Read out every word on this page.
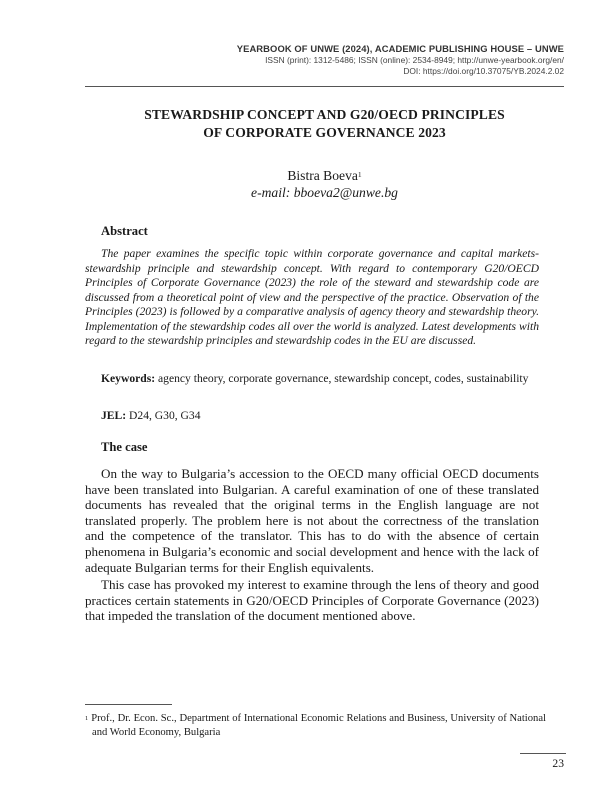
YEARBOOK OF UNWE (2024), ACADEMIC PUBLISHING HOUSE – UNWE
ISSN (print): 1312-5486; ISSN (online): 2534-8949; http://unwe-yearbook.org/en/
DOI: https://doi.org/10.37075/YB.2024.2.02
STEWARDSHIP CONCEPT AND G20/OECD PRINCIPLES
OF CORPORATE GOVERNANCE 2023
Bistra Boeva$^1$
e-mail: bboeva2@unwe.bg
Abstract

The paper examines the specific topic within corporate governance and capital markets-stewardship principle and stewardship concept. With regard to contemporary G20/OECD Principles of Corporate Governance (2023) the role of the steward and stewardship code are discussed from a theoretical point of view and the perspective of the practice. Observation of the Principles (2023) is followed by a comparative analysis of agency theory and stewardship theory. Implementation of the stewardship codes all over the world is analyzed. Latest developments with regard to the stewardship principles and stewardship codes in the EU are discussed.

Keywords: agency theory, corporate governance, stewardship concept, codes, sustainability

JEL: D24, G30, G34

The case

On the way to Bulgaria’s accession to the OECD many official OECD documents have been translated into Bulgarian. A careful examination of one of these translated documents has revealed that the original terms in the English language are not translated properly. The problem here is not about the correctness of the translation and the competence of the translator. This has to do with the absence of certain phenomena in Bulgaria’s economic and social development and hence with the lack of adequate Bulgarian terms for their English equivalents.

This case has provoked my interest to examine through the lens of theory and good practices certain statements in G20/OECD Principles of Corporate Governance (2023) that impeded the translation of the document mentioned above.

$^1$ Prof., Dr. Econ. Sc., Department of International Economic Relations and Business, University of National and World Economy, Bulgaria

23
